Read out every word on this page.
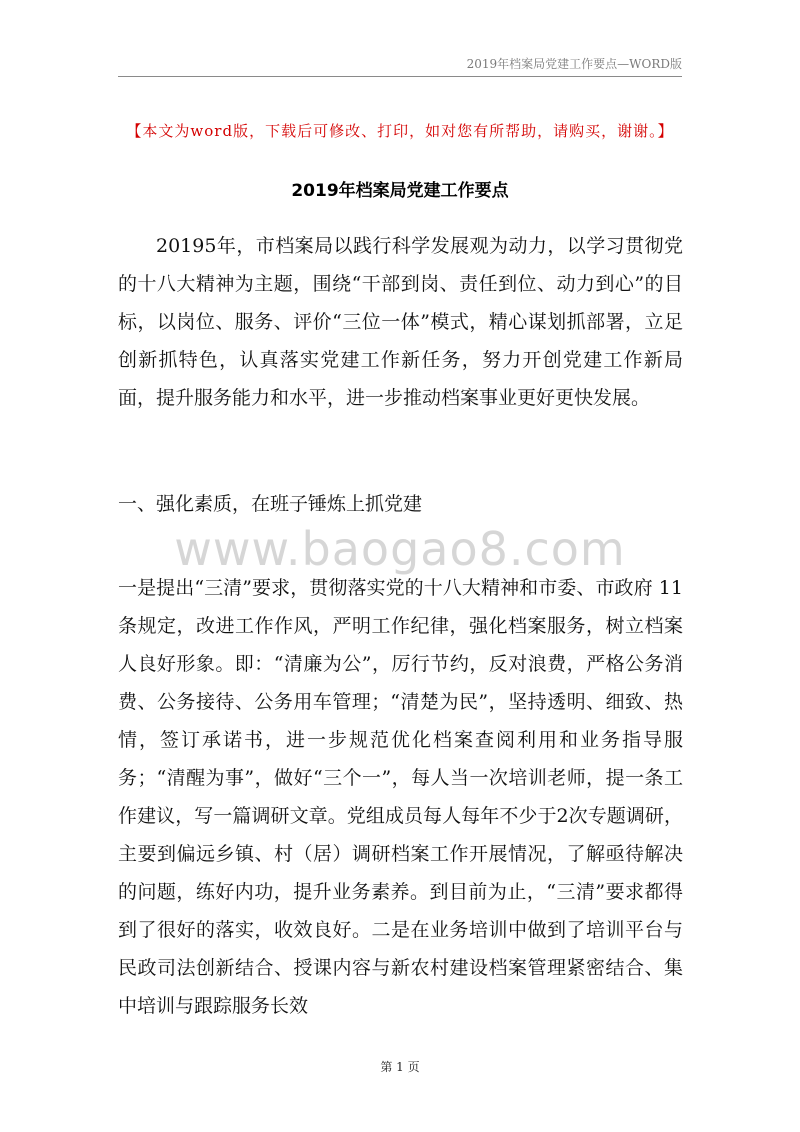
2019年档案局党建工作要点—WORD版
【本文为word版，下载后可修改、打印，如对您有所帮助，请购买，谢谢。】
2019年档案局党建工作要点

20195年，市档案局以践行科学发展观为动力，以学习贯彻党的十八大精神为主题，围绕“干部到岗、责任到位、动力到心”的目标，以岗位、服务、评价“三位一体”模式，精心谋划抓部署，立足创新抓特色，认真落实党建工作新任务，努力开创党建工作新局面，提升服务能力和水平，进一步推动档案事业更好更快发展。

一、强化素质，在班子锤炼上抓党建

www.baogao8.com

一是提出“三清”要求，贯彻落实党的十八大精神和市委、市政府 11条规定，改进工作作风，严明工作纪律，强化档案服务，树立档案人良好形象。即：“清廉为公”，厉行节约，反对浪费，严格公务消费、公务接待、公务用车管理；“清楚为民”，坚持透明、细致、热情，签订承诺书，进一步规范优化档案查阅利用和业务指导服务；“清醒为事”，做好“三个一”，每人当一次培训老师，提一条工作建议，写一篇调研文章。党组成员每人每年不少于2次专题调研，主要到偏远乡镇、村（居）调研档案工作开展情况，了解亟待解决的问题，练好内功，提升业务素养。到目前为止，“三清”要求都得到了很好的落实，收效良好。二是在业务培训中做到了培训平台与民政司法创新结合、授课内容与新农村建设档案管理紧密结合、集中培训与跟踪服务长效

第 1 页
